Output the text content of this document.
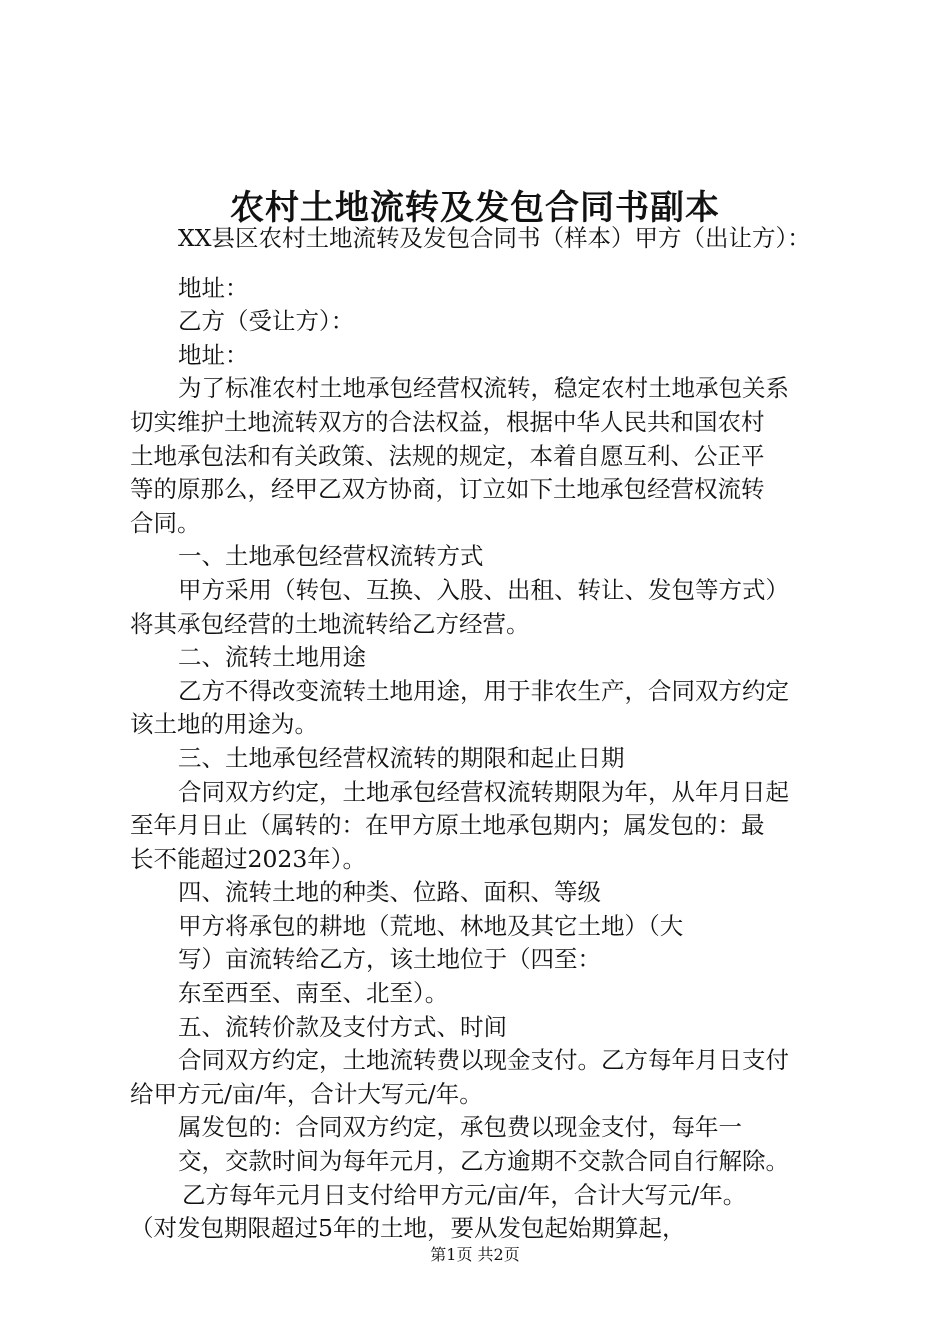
农村土地流转及发包合同书副本
XX县区农村土地流转及发包合同书（样本）甲方（出让方）：
地址：
乙方（受让方）：
地址：
为了标准农村土地承包经营权流转，稳定农村土地承包关系
切实维护土地流转双方的合法权益，根据中华人民共和国农村
土地承包法和有关政策、法规的规定，本着自愿互利、公正平
等的原那么，经甲乙双方协商，订立如下土地承包经营权流转
合同。
一、土地承包经营权流转方式
甲方采用（转包、互换、入股、出租、转让、发包等方式）
将其承包经营的土地流转给乙方经营。
二、流转土地用途
乙方不得改变流转土地用途，用于非农生产，合同双方约定
该土地的用途为。
三、土地承包经营权流转的期限和起止日期
合同双方约定，土地承包经营权流转期限为年，从年月日起
至年月日止（属转的：在甲方原土地承包期内；属发包的：最
长不能超过2023年）。
四、流转土地的种类、位路、面积、等级
甲方将承包的耕地（荒地、林地及其它土地）（大
写）亩流转给乙方，该土地位于（四至：
东至西至、南至、北至）。
五、流转价款及支付方式、时间
合同双方约定，土地流转费以现金支付。乙方每年月日支付
给甲方元/亩/年，合计大写元/年。
属发包的：合同双方约定，承包费以现金支付，每年一
交，交款时间为每年元月，乙方逾期不交款合同自行解除。
乙方每年元月日支付给甲方元/亩/年，合计大写元/年。
（对发包期限超过5年的土地，要从发包起始期算起，
第1页 共2页
